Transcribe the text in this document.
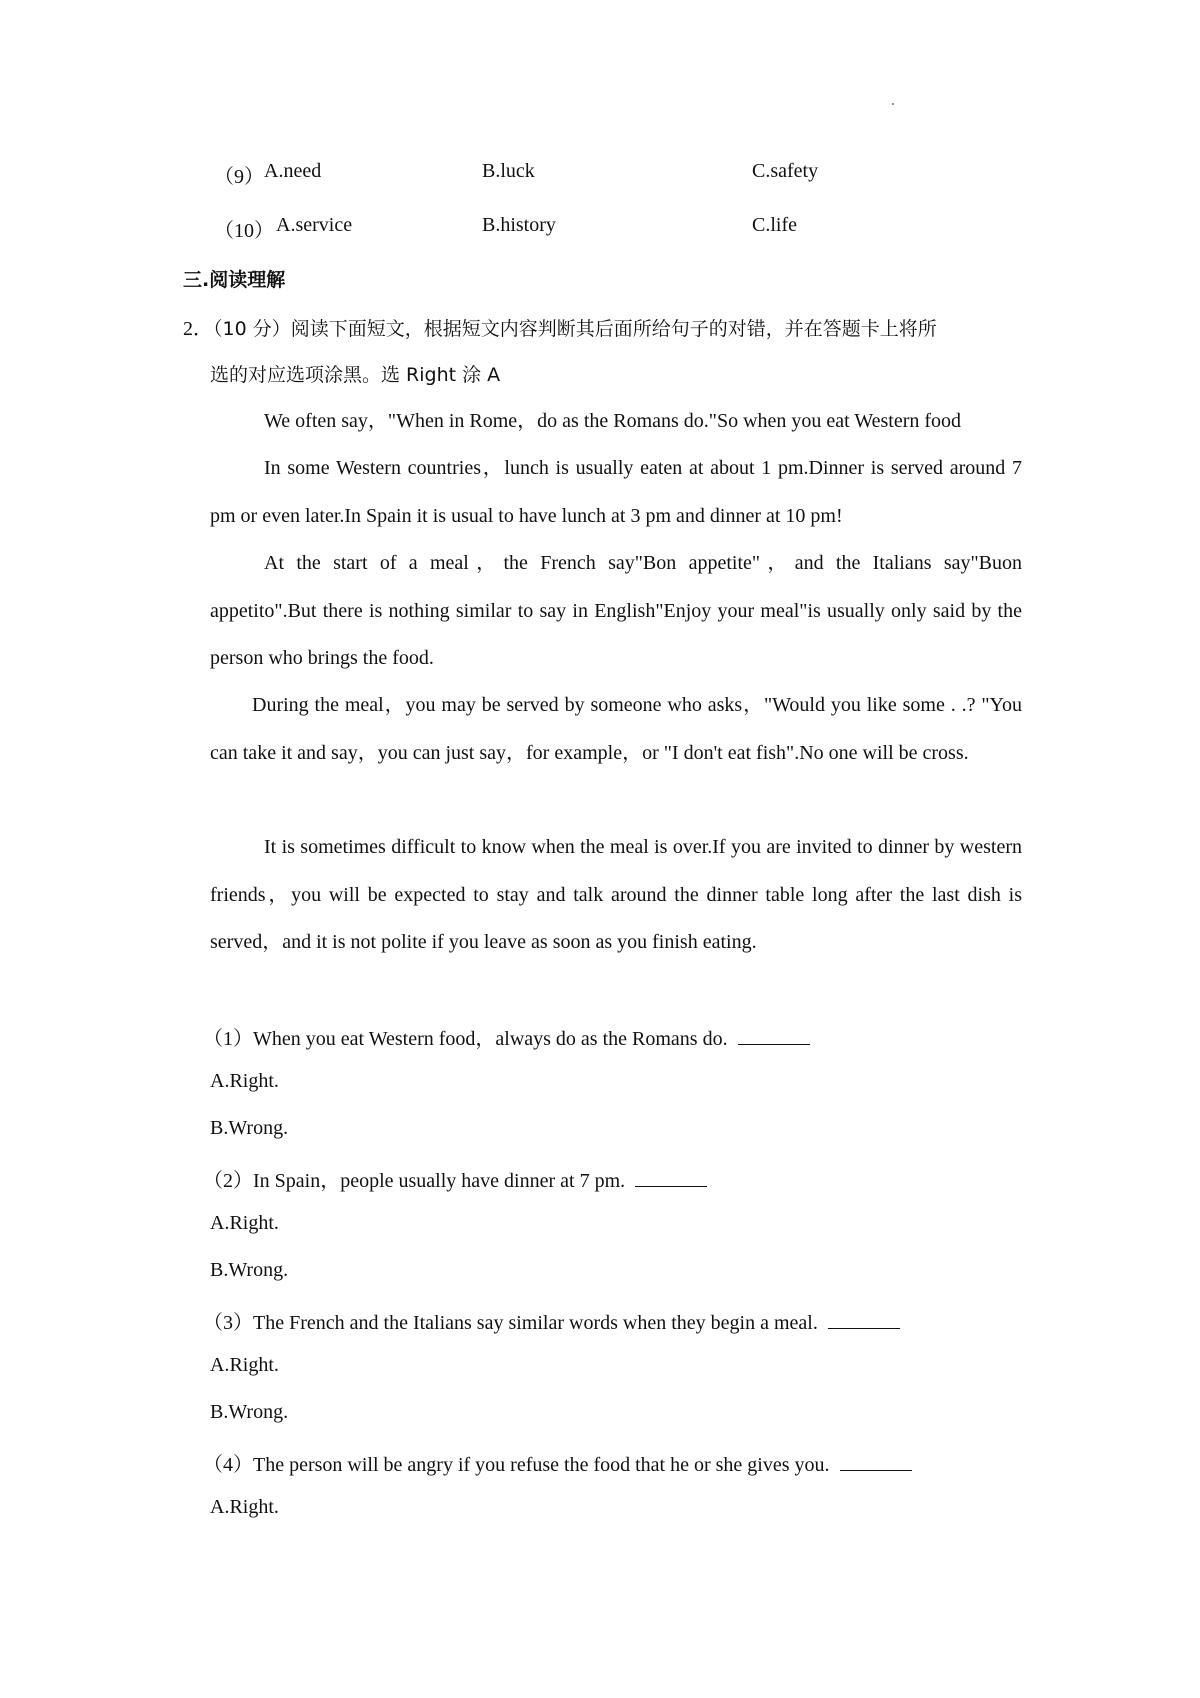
（9） A.need	B.luck	C.safety
（10） A.service	B.history	C.life
三.阅读理解
2．（10 分）阅读下面短文，根据短文内容判断其后面所给句子的对错，并在答题卡上将所
选的对应选项涂黑。选 Right 涂 A

We often say，"When in Rome，do as the Romans do."So when you eat Western food

In some Western countries，lunch is usually eaten at about 1 pm.Dinner is served around 7 pm or even later.In Spain it is usual to have lunch at 3 pm and dinner at 10 pm!

At the start of a meal，the French say"Bon appetite"，and the Italians say"Buon appetito".But there is nothing similar to say in English"Enjoy your meal"is usually only said by the person who brings the food.

During the meal，you may be served by someone who asks，"Would you like some . .? "You can take it and say，you can just say，for example，or "I don't eat fish".No one will be cross.

It is sometimes difficult to know when the meal is over.If you are invited to dinner by western friends，you will be expected to stay and talk around the dinner table long after the last dish is served，and it is not polite if you leave as soon as you finish eating.

（1）When you eat Western food，always do as the Romans do.
A.Right.
B.Wrong.
（2）In Spain，people usually have dinner at 7 pm.
A.Right.
B.Wrong.
（3）The French and the Italians say similar words when they begin a meal.
A.Right.
B.Wrong.
（4）The person will be angry if you refuse the food that he or she gives you.
A.Right.
